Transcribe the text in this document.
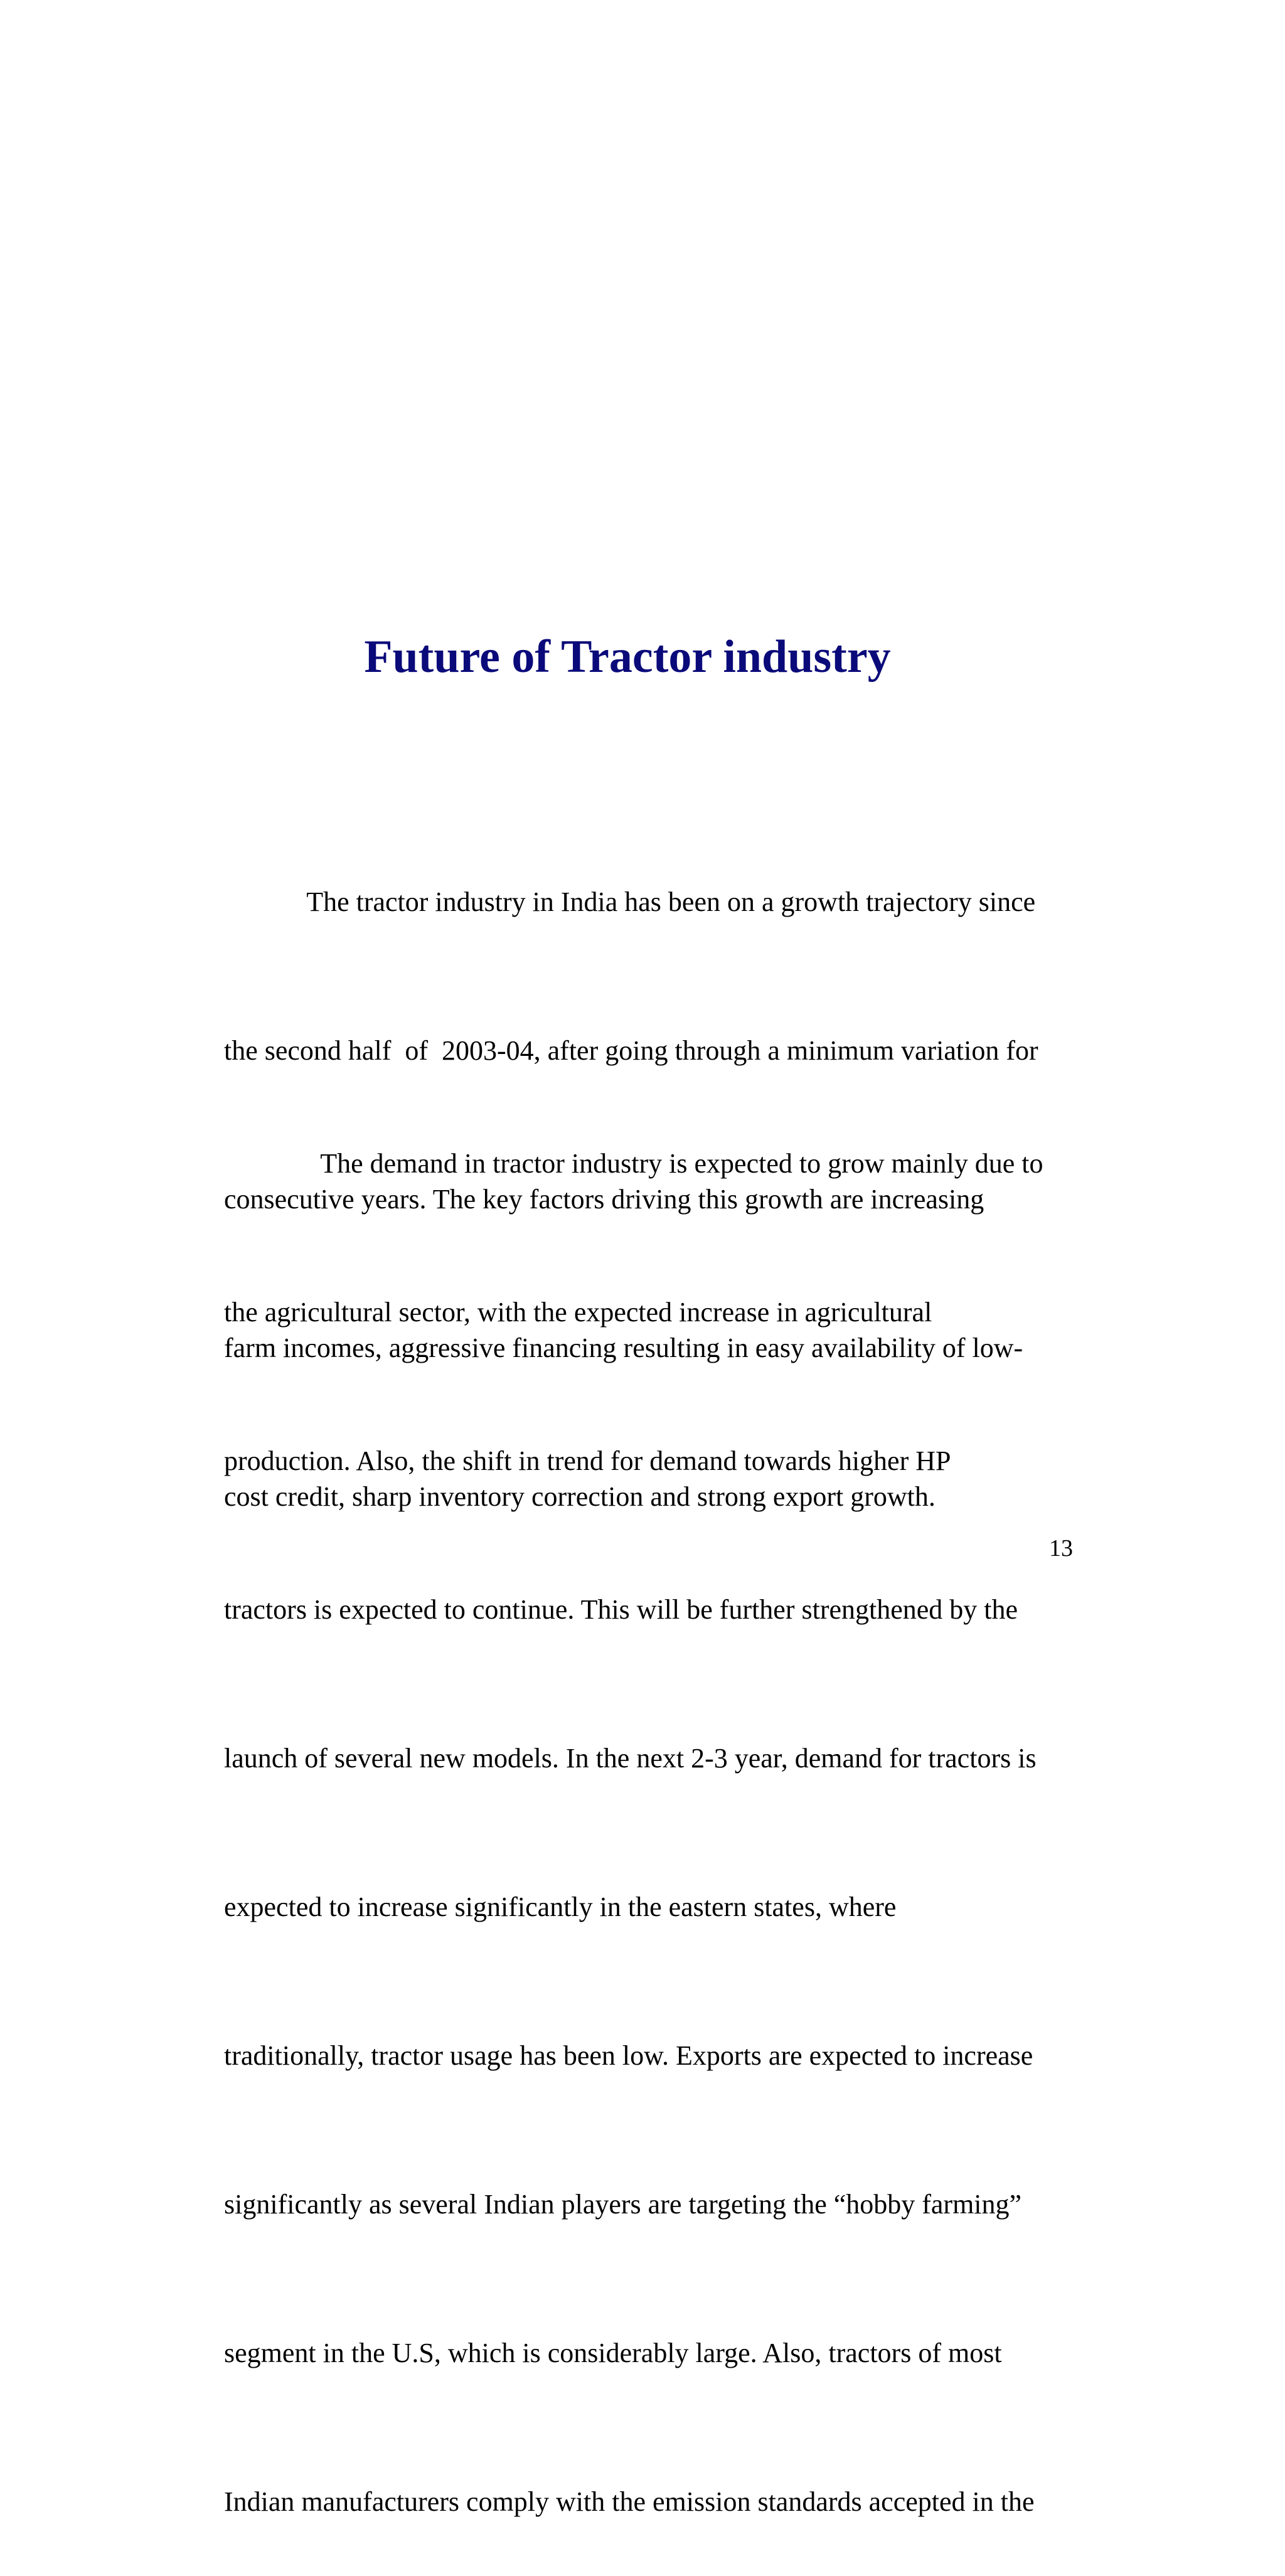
Future of Tractor industry

The tractor industry in India has been on a growth trajectory since

the second half  of  2003-04, after going through a minimum variation for

consecutive years. The key factors driving this growth are increasing

farm incomes, aggressive financing resulting in easy availability of low-

cost credit, sharp inventory correction and strong export growth.

The demand in tractor industry is expected to grow mainly due to

the agricultural sector, with the expected increase in agricultural

production. Also, the shift in trend for demand towards higher HP

tractors is expected to continue. This will be further strengthened by the

launch of several new models. In the next 2-3 year, demand for tractors is

expected to increase significantly in the eastern states, where

traditionally, tractor usage has been low. Exports are expected to increase

significantly as several Indian players are targeting the “hobby farming”

segment in the U.S, which is considerably large. Also, tractors of most

Indian manufacturers comply with the emission standards accepted in the

13
